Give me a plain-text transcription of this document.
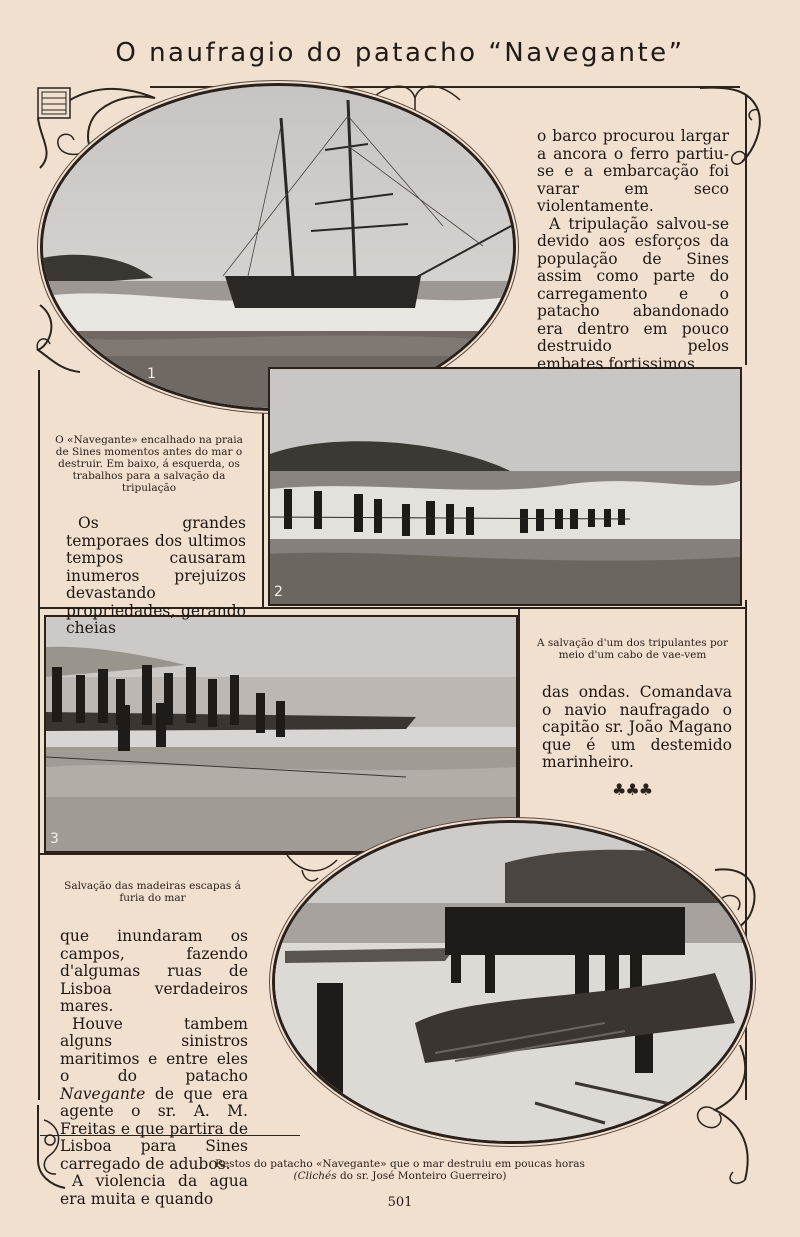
O naufragio do patacho “Navegante”
1
2
3

o barco procurou largar a ancora o ferro partiu-se e a embarcação foi varar em seco violentamente.

A tripulação salvou-se devido aos esforços da população de Sines assim como parte do carregamento e o patacho abandonado era dentro em pouco destruido pelos embates fortissimos

O «Navegante» encalhado na praia de Sines momentos antes do mar o destruir. Em baixo, á esquerda, os trabalhos para a salvação da tripulação

Os grandes temporaes dos ultimos tempos causaram inumeros prejuizos devastando propriedades, gerando cheias

A salvação d'um dos tripulantes por meio d'um cabo de vae-vem

das ondas. Comandava o navio naufragado o capitão sr. João Magano que é um destemido marinheiro.

♣♣♣
Salvação das madeiras escapas á furia do mar

que inundaram os campos, fazendo d'algumas ruas de Lisboa verdadeiros mares.

Houve tambem alguns sinistros maritimos e entre eles o do patacho Navegante de que era agente o sr. A. M. Freitas e que partira de Lisboa para Sines carregado de adubos.

A violencia da agua era muita e quando

Restos do patacho «Navegante» que o mar destruiu em poucas horas
(Clichés do sr. José Monteiro Guerreiro)
501
